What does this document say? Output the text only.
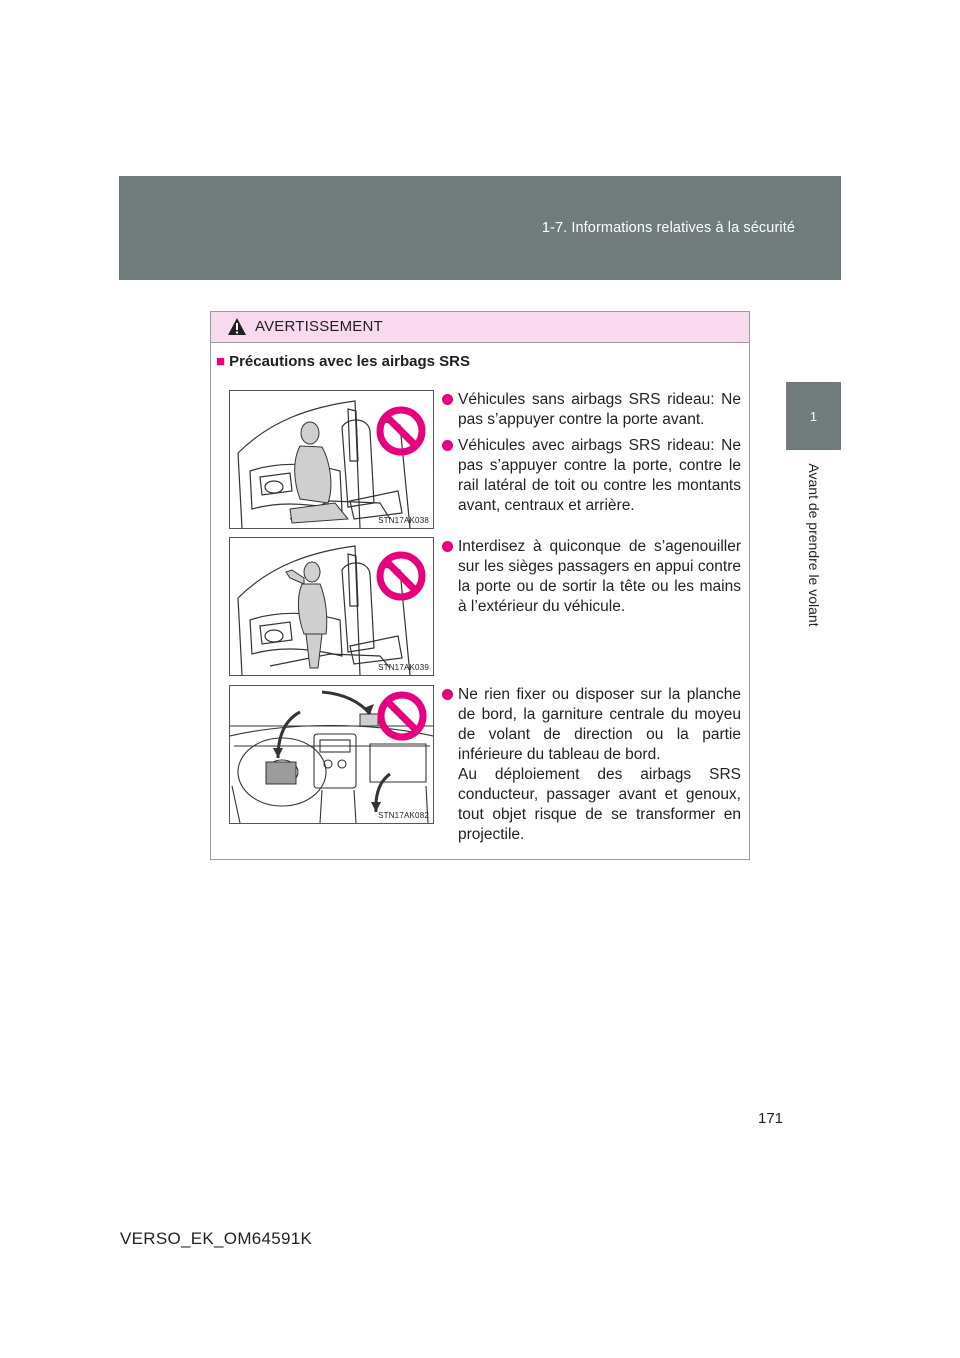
1-7. Informations relatives à la sécurité
1
Avant de prendre le volant
AVERTISSEMENT
■ Précautions avec les airbags SRS
STN17AK038
STN17AK039
STN17AK082

Véhicules sans airbags SRS rideau: Ne pas s’appuyer contre la porte avant.

Véhicules avec airbags SRS rideau: Ne pas s’appuyer contre la porte, contre le rail latéral de toit ou contre les montants avant, centraux et arrière.

Interdisez à quiconque de s’agenouiller sur les sièges passagers en appui contre la porte ou de sortir la tête ou les mains à l’extérieur du véhicule.

Ne rien fixer ou disposer sur la planche de bord, la garniture centrale du moyeu de volant de direction ou la partie inférieure du tableau de bord.

Au déploiement des airbags SRS conducteur, passager avant et genoux, tout objet risque de se transformer en projectile.

171
VERSO_EK_OM64591K
